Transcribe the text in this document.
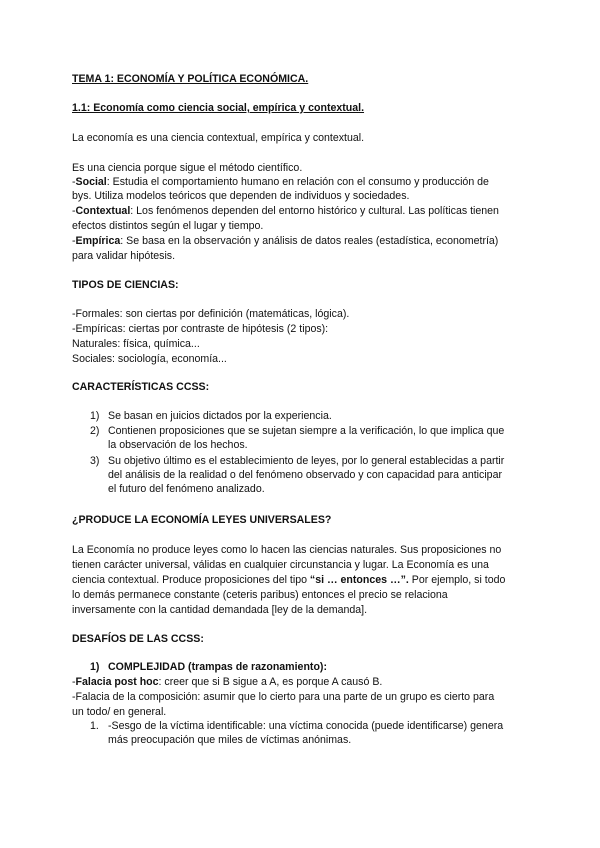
TEMA 1: ECONOMÍA Y POLÍTICA ECONÓMICA.
1.1: Economía como ciencia social, empírica y contextual.
La economía es una ciencia contextual, empírica y contextual.
Es una ciencia porque sigue el método científico.
-Social: Estudia el comportamiento humano en relación con el consumo y producción de
bys. Utiliza modelos teóricos que dependen de individuos y sociedades.
-Contextual: Los fenómenos dependen del entorno histórico y cultural. Las políticas tienen
efectos distintos según el lugar y tiempo.
-Empírica: Se basa en la observación y análisis de datos reales (estadística, econometría)
para validar hipótesis.
TIPOS DE CIENCIAS:
-Formales: son ciertas por definición (matemáticas, lógica).
-Empíricas: ciertas por contraste de hipótesis (2 tipos):
Naturales: física, química...
Sociales: sociología, economía...
CARACTERÍSTICAS CCSS:
1) Se basan en juicios dictados por la experiencia.
2) Contienen proposiciones que se sujetan siempre a la verificación, lo que implica que
la observación de los hechos.
3) Su objetivo último es el establecimiento de leyes, por lo general establecidas a partir
del análisis de la realidad o del fenómeno observado y con capacidad para anticipar
el futuro del fenómeno analizado.
¿PRODUCE LA ECONOMÍA LEYES UNIVERSALES?
La Economía no produce leyes como lo hacen las ciencias naturales. Sus proposiciones no
tienen carácter universal, válidas en cualquier circunstancia y lugar. La Economía es una
ciencia contextual. Produce proposiciones del tipo “si … entonces …”. Por ejemplo, si todo
lo demás permanece constante (ceteris paribus) entonces el precio se relaciona
inversamente con la cantidad demandada [ley de la demanda].
DESAFÍOS DE LAS CCSS:
1) COMPLEJIDAD (trampas de razonamiento):
-Falacia post hoc: creer que si B sigue a A, es porque A causó B.
-Falacia de la composición: asumir que lo cierto para una parte de un grupo es cierto para
un todo/ en general.
1. -Sesgo de la víctima identificable: una víctima conocida (puede identificarse) genera
más preocupación que miles de víctimas anónimas.
